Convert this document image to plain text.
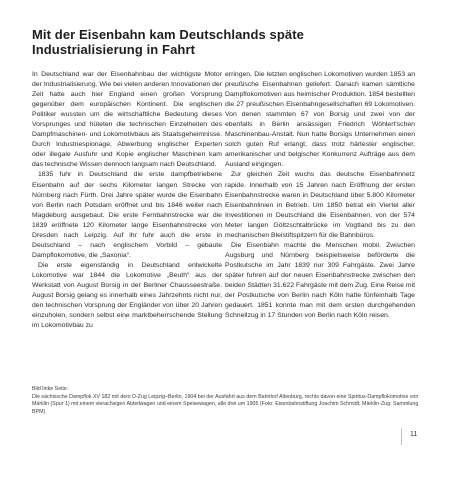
Mit der Eisenbahn kam Deutschlands späte
Industrialisierung in Fahrt

In Deutschland war der Eisenbahnbau der wichtigste Motor der Industrialisierung. Wie bei vielen anderen Innovationen der Zeit hatte auch hier England einen großen Vorsprung gegenüber dem europäischen Kontinent. Die englischen Politiker wussten um die wirtschaftliche Bedeutung dieses Vorsprunges und hüteten die technischen Einzelheiten des Dampfmaschinen- und Lokomotivbaus als Staatsgeheimnisse. Durch Industriespionage, Abwerbung englischer Experten oder illegale Ausfuhr und Kopie englischer Maschinen kam das technische Wissen dennoch langsam nach Deutschland.

1835 fuhr in Deutschland die erste dampfbetriebene Eisenbahn auf der sechs Kilometer langen Strecke von Nürnberg nach Fürth. Drei Jahre später wurde die Eisenbahn von Berlin nach Potsdam eröffnet und bis 1846 weiter nach Magdeburg ausgebaut. Die erste Fernbahnstrecke war die 1839 eröffnete 120 Kilometer lange Eisenbahnstrecke von Dresden nach Leipzig. Auf ihr fuhr auch die erste in Deutschland – nach englischem Vorbild – gebaute Dampflokomotive, die „Saxonia“.

Die erste eigenständig in Deutschland entwickelte Lokomotive war 1844 die Lokomotive „Beuth“ aus der Werkstatt von August Borsig in der Berliner Chausseestraße. August Borsig gelang es innerhalb eines Jahrzehnts nicht nur, den technischen Vorsprung der Engländer von über 20 Jahren einzuholen, sondern selbst eine marktbeherrschende Stellung im Lokomotivbau zu

erringen. Die letzten englischen Lokomotiven wurden 1853 an preußische Eisenbahnen geliefert. Danach kamen sämtliche Dampflokomotiven aus heimischer Produktion. 1854 bestellten die 27 preußischen Eisenbahngesellschaften 69 Lokomotiven. Von denen stammten 67 von Borsig und zwei von der ebenfalls in Berlin ansässigen Friedrich Wöhlert'schen Maschinenbau-Anstalt. Nun hatte Borsigs Unternehmen einen solch guten Ruf erlangt, dass trotz härtester englischer, amerikanischer und belgischer Konkurrenz Aufträge aus dem Ausland eingingen.

Zur gleichen Zeit wuchs das deutsche Eisenbahnnetz rapide. Innerhalb von 15 Jahren nach Eröffnung der ersten Eisenbahnstrecke waren in Deutschland über 5.800 Kilometer Eisenbahnlinien in Betrieb. Um 1850 betrat ein Viertel aller Investitionen in Deutschland die Eisenbahnen, von der 574 Meter langen Göltzschtalbrücke im Vogtland bis zu den mechanischen Bleistiftspitzern für die Bahnbüros.

Die Eisenbahn machte die Menschen mobil. Zwischen Augsburg und Nürnberg beispielsweise beförderte die Postkutsche im Jahr 1839 nur 309 Fahrgäste. Zwei Jahre später fuhren auf der neuen Eisenbahnstrecke zwischen den beiden Städten 31.622 Fahrgäste mit dem Zug. Eine Reise mit der Postkutsche von Berlin nach Köln hatte fünfeinhalb Tage gedauert. 1851 konnte man mit dem ersten durchgehenden Schnellzug in 17 Stunden von Berlin nach Köln reisen.

Bild linke Seite:

Die sächsische Dampflok XV 182 mit dem D-Zug Leipzig–Berlin, 1904 bei der Ausfahrt aus dem Bahnhof Altenburg, rechts davon eine Spiritus-Dampflokomotive von Märklin (Spur 1) mit einem vierachsigen Abteilwagen und einem Speisewagen, alle drei um 1905 (Foto: Eisenbahnstiftung Joachim Schmidt; Märklin-Zug: Sammlung BPM)

11
